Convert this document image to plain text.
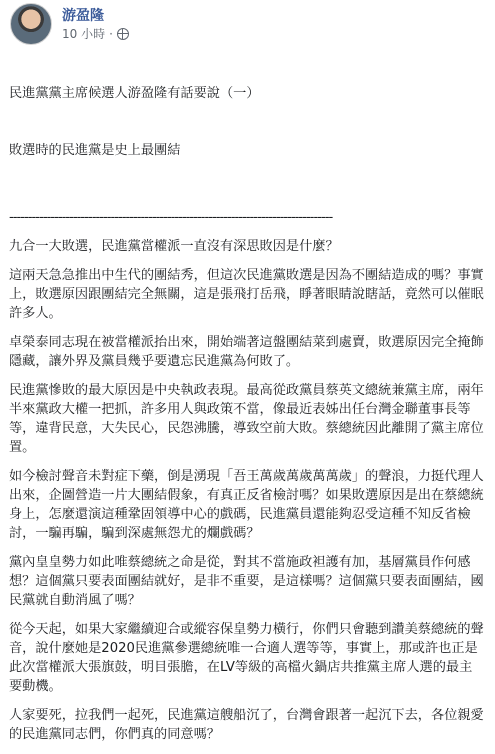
游盈隆
10 小時 ·

民進黨黨主席候選人游盈隆有話要說（一）

敗選時的民進黨是史上最團結

--------------------------------------------------------------------------------------
九合一大敗選，民進黨當權派一直沒有深思敗因是什麼？
這兩天急急推出中生代的團結秀，但這次民進黨敗選是因為不團結造成的嗎？事實上，敗選原因跟團結完全無關，這是張飛打岳飛，睜著眼睛說瞎話，竟然可以催眠許多人。
卓榮泰同志現在被當權派抬出來，開始端著這盤團結菜到處賣，敗選原因完全掩飾隱藏，讓外界及黨員幾乎要遺忘民進黨為何敗了。
民進黨慘敗的最大原因是中央執政表現。最高從政黨員蔡英文總統兼黨主席，兩年半來黨政大權一把抓，許多用人與政策不當，像最近表姊出任台灣金聯董事長等等，違背民意，大失民心，民怨沸騰，導致空前大敗。蔡總統因此離開了黨主席位置。
如今檢討聲音未對症下藥，倒是湧現「吾王萬歲萬歲萬萬歲」的聲浪，力挺代理人出來，企圖營造一片大團結假象，有真正反省檢討嗎？如果敗選原因是出在蔡總統身上，怎麼還演這種鞏固領導中心的戲碼，民進黨員還能夠忍受這種不知反省檢討，一騙再騙，騙到深處無怨尤的爛戲碼？
黨內皇皇勢力如此唯蔡總統之命是從，對其不當施政袒護有加，基層黨員作何感想？這個黨只要表面團結就好，是非不重要，是這樣嗎？這個黨只要表面團結，國民黨就自動消風了嗎？
從今天起，如果大家繼續迎合或縱容保皇勢力橫行，你們只會聽到讚美蔡總統的聲音，說什麼她是2020民進黨參選總統唯一合適人選等等，事實上，那或許也正是此次當權派大張旗鼓，明目張膽，在LV等級的高檔火鍋店共推黨主席人選的最主要動機。
人家要死，拉我們一起死，民進黨這艘船沉了，台灣會跟著一起沉下去，各位親愛的民進黨同志們，你們真的同意嗎？
